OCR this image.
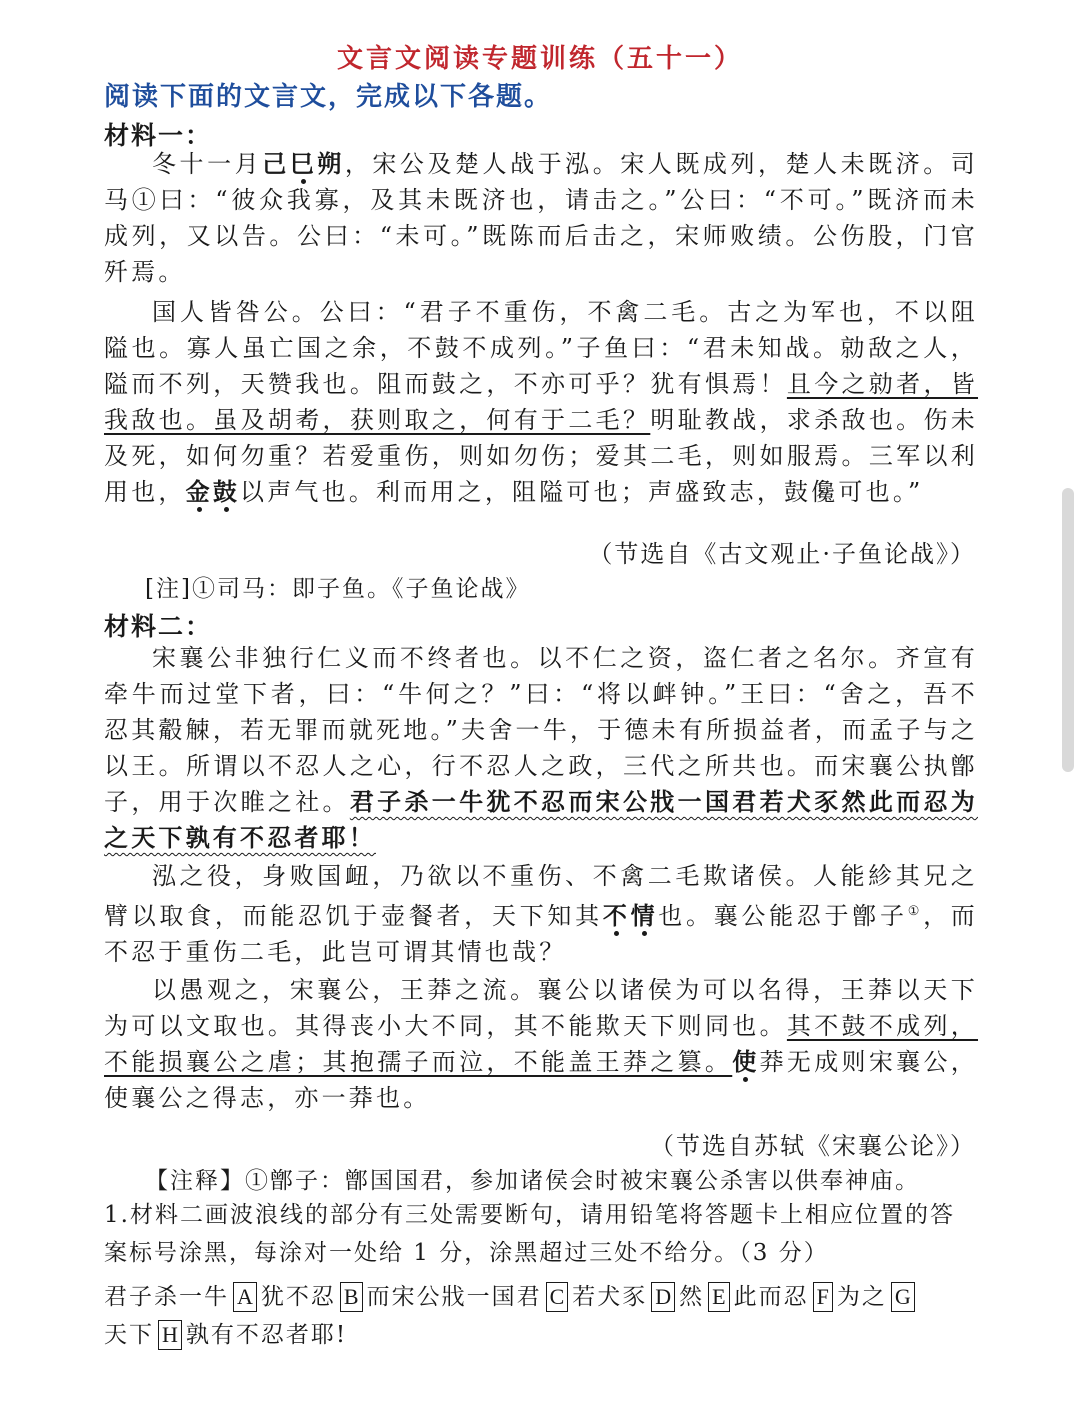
文言文阅读专题训练（五十一）
阅读下面的文言文，完成以下各题。
材料一：

冬十一月己巳朔，宋公及楚人战于泓。宋人既成列，楚人未既济。司马①曰：“彼众我寡，及其未既济也，请击之。”公曰：“不可。”既济而未成列，又以告。公曰：“未可。”既陈而后击之，宋师败绩。公伤股，门官歼焉。

国人皆咎公。公曰：“君子不重伤，不禽二毛。古之为军也，不以阻隘也。寡人虽亡国之余，不鼓不成列。”子鱼曰：“君未知战。勍敌之人，隘而不列，天赞我也。阻而鼓之，不亦可乎？犹有惧焉！且今之勍者，皆我敌也。虽及胡耇，获则取之，何有于二毛？明耻教战，求杀敌也。伤未及死，如何勿重？若爱重伤，则如勿伤；爱其二毛，则如服焉。三军以利用也，金鼓以声气也。利而用之，阻隘可也；声盛致志，鼓儳可也。”

（节选自《古文观止·子鱼论战》）
[注]①司马：即子鱼。《子鱼论战》
材料二：

宋襄公非独行仁义而不终者也。以不仁之资，盗仁者之名尔。齐宣有牵牛而过堂下者，曰：“牛何之？”曰：“将以衅钟。”王曰：“舍之，吾不忍其觳觫，若无罪而就死地。”夫舍一牛，于德未有所损益者，而孟子与之以王。所谓以不忍人之心，行不忍人之政，三代之所共也。而宋襄公执鄫子，用于次睢之社。君子杀一牛犹不忍而宋公戕一国君若犬豕然此而忍为之天下孰有不忍者耶！

泓之役，身败国衄，乃欲以不重伤、不禽二毛欺诸侯。人能紾其兄之臂以取食，而能忍饥于壶餐者，天下知其不情也。襄公能忍于鄫子①，而不忍于重伤二毛，此岂可谓其情也哉？

以愚观之，宋襄公，王莽之流。襄公以诸侯为可以名得，王莽以天下为可以文取也。其得丧小大不同，其不能欺天下则同也。其不鼓不成列，不能损襄公之虐；其抱孺子而泣，不能盖王莽之篡。使莽无成则宋襄公，使襄公之得志，亦一莽也。

（节选自苏轼《宋襄公论》）
【注释】①鄫子：鄫国国君，参加诸侯会时被宋襄公杀害以供奉神庙。
1.材料二画波浪线的部分有三处需要断句，请用铅笔将答题卡上相应位置的答案标号涂黑，每涂对一处给 1 分，涂黑超过三处不给分。（3 分）
君子杀一牛 A 犹不忍 B 而宋公戕一国君 C 若犬豕 D 然 E 此而忍 F 为之 G
天下 H 孰有不忍者耶!
